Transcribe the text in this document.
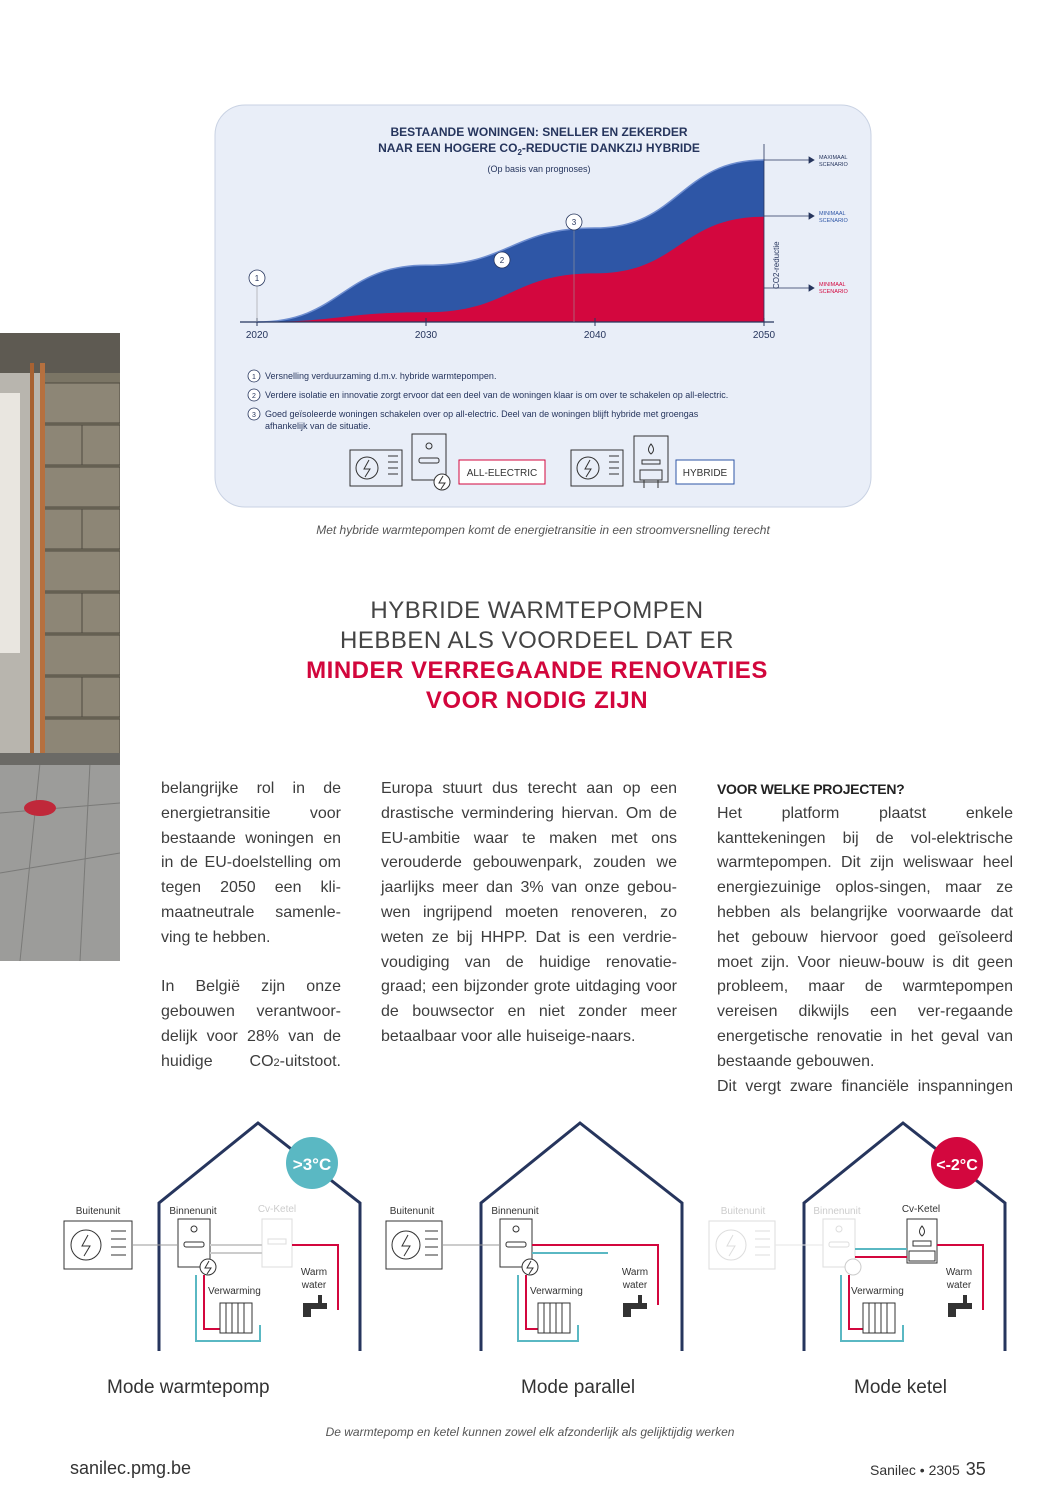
BESTAANDE WONINGEN: SNELLER EN ZEKERDER
NAAR EEN HOGERE $CO_2$-REDUCTIE DANKZIJ HYBRIDE
(Op basis van prognoses)
MAXIMAAL
SCENARIO
MINIMAAL
SCENARIO
MINIMAAL
SCENARIO
CO2-reductie
2020	2030	2040	2050
1
2
3
1 Versnelling verduurzaming d.m.v. hybride warmtepompen.
2 Verdere isolatie en innovatie zorgt ervoor dat een deel van de woningen klaar is om over te schakelen op all-electric.
3 Goed geïsoleerde woningen schakelen over op all-electric. Deel van de woningen blijft hybride met groengas
afhankelijk van de situatie.
ALL-ELECTRIC	HYBRIDE
Met hybride warmtepompen komt de energietransitie in een stroomversnelling terecht
HYBRIDE WARMTEPOMPEN
HEBBEN ALS VOORDEEL DAT ER
MINDER VERREGAANDE RENOVATIES
VOOR NODIG ZIJN

belangrijke rol in de energietransitie voor bestaande woningen en in de EU-doelstelling om tegen 2050 een kli-maatneutrale samenle-ving te hebben.

In België zijn onze gebouwen verantwoor-delijk voor 28% van de huidige CO2-uitstoot.

Europa stuurt dus terecht aan op een drastische vermindering hiervan. Om de EU-ambitie waar te maken met ons verouderde gebouwenpark, zouden we jaarlijks meer dan 3% van onze gebou-wen ingrijpend moeten renoveren, zo weten ze bij HHPP. Dat is een verdrie-voudiging van de huidige renovatie-graad; een bijzonder grote uitdaging voor de bouwsector en niet zonder meer betaalbaar voor alle huiseige-naars.

VOOR WELKE PROJECTEN?

Het platform plaatst enkele kanttekeningen bij de vol-elektrische warmtepompen. Dit zijn weliswaar heel energiezuinige oplos-singen, maar ze hebben als belangrijke voorwaarde dat het gebouw hiervoor goed geïsoleerd moet zijn. Voor nieuw-bouw is dit geen probleem, maar de warmtepompen vereisen dikwijls een ver-regaande energetische renovatie in het geval van bestaande gebouwen.

Dit vergt zware financiële inspanningen

>3°C
Buitenunit	Binnenunit	Cv-Ketel
Verwarming
Warm
water
Buitenunit	Binnenunit
Verwarming
Warm
water
<-2°C
Buitenunit	Binnenunit	Cv-Ketel
Verwarming
Warm
water
Mode warmtepomp	Mode parallel	Mode ketel
De warmtepomp en ketel kunnen zowel elk afzonderlijk als gelijktijdig werken
sanilec.pmg.be	Sanilec • 2305 35
